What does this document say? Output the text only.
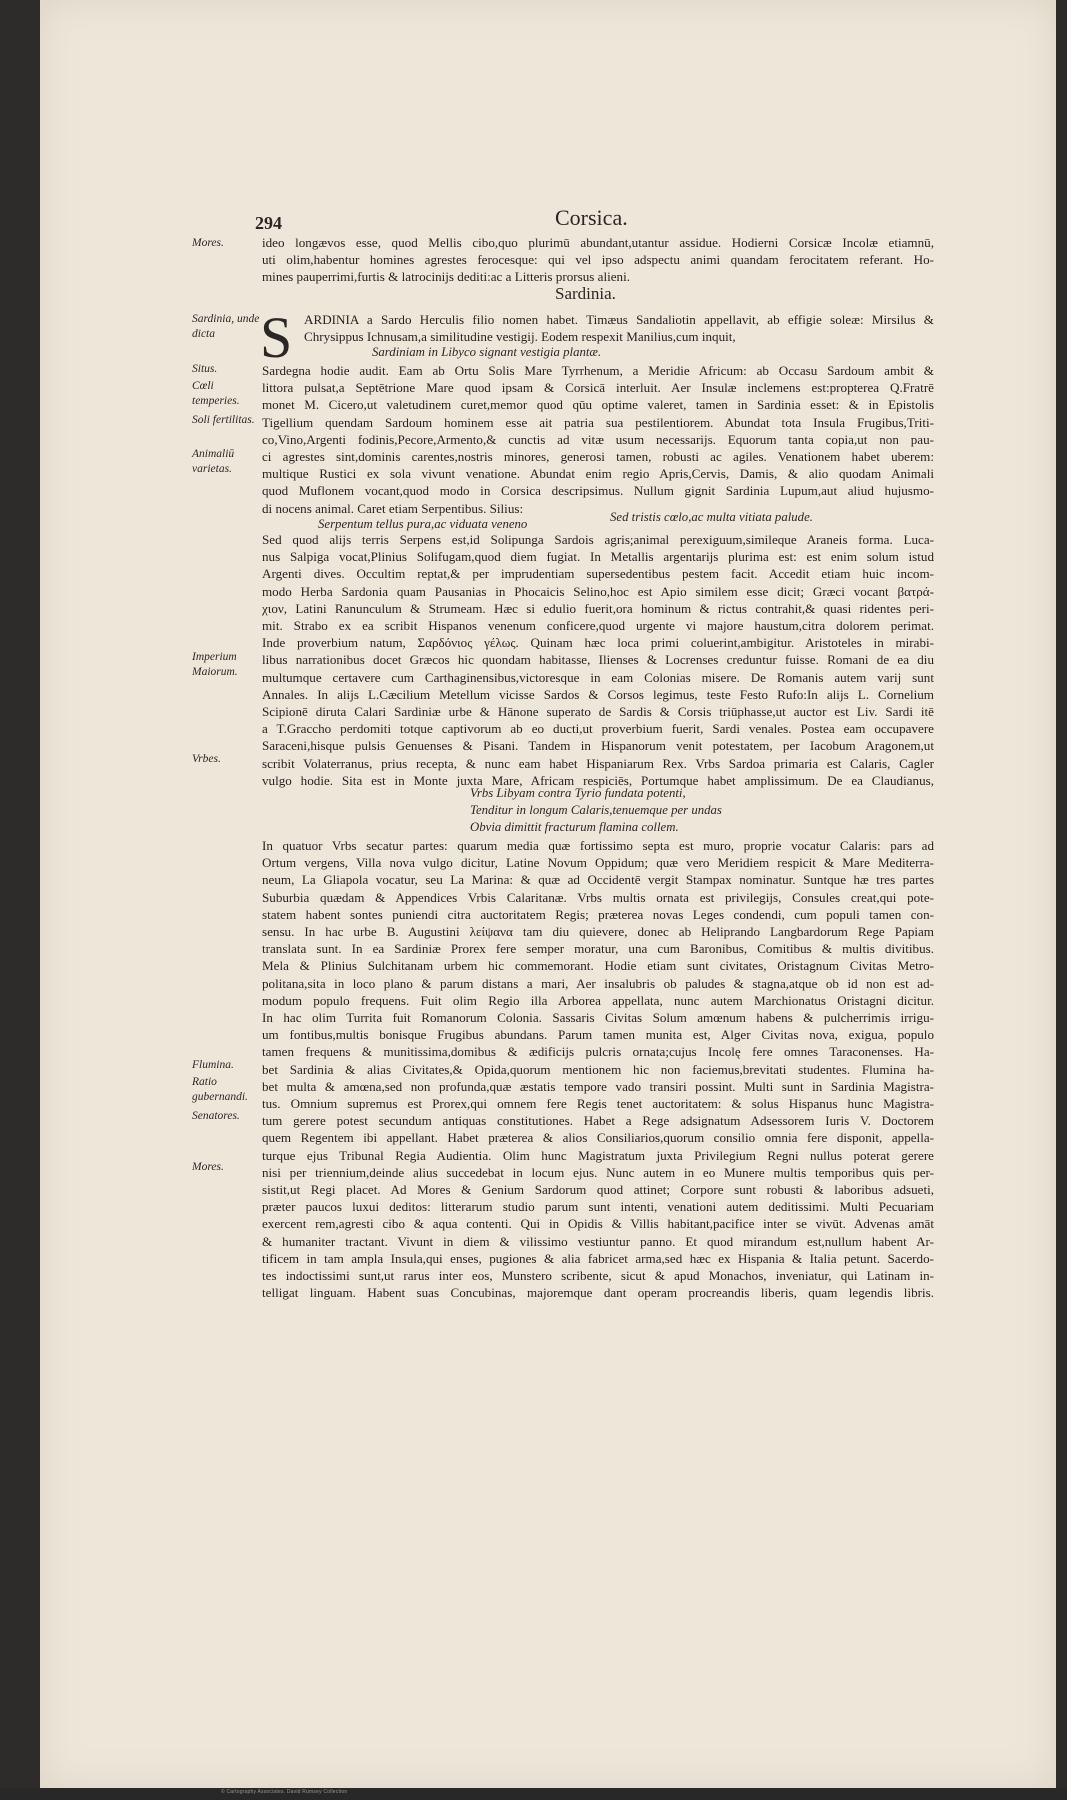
294	Corsica.
Mores.	ideo longævos esse, quod Mellis cibo,quo plurimū abundant,utantur assidue. Hodierni Corsicæ Incolæ etiamnū,
uti olim,habentur homines agrestes ferocesque: qui vel ipso adspectu animi quandam ferocitatem referant. Ho-
mines pauperrimi,furtis & latrocinijs dediti:ac a Litteris prorsus alieni.
Sardinia.
Sardinia, unde dicta
Situs.
Cœli temperies.
Soli fertilitas.
Animaliū varietas.
S ARDINIA a Sardo Herculis filio nomen habet. Timæus Sandaliotin appellavit, ab effigie soleæ: Mirsilus &
Chrysippus Ichnusam,a similitudine vestigij. Eodem respexit Manilius,cum inquit,
Sardiniam in Libyco signant vestigia plantæ.
Sardegna hodie audit. Eam ab Ortu Solis Mare Tyrrhenum, a Meridie Africum: ab Occasu Sardoum ambit &
littora pulsat,a Septētrione Mare quod ipsam & Corsicā interluit. Aer Insulæ inclemens est:propterea Q.Fratrē
monet M. Cicero,ut valetudinem curet,memor quod qūu optime valeret, tamen in Sardinia esset: & in Epistolis
Tigellium quendam Sardoum hominem esse ait patria sua pestilentiorem. Abundat tota Insula Frugibus,Triti-
co,Vino,Argenti fodinis,Pecore,Armento,& cunctis ad vitæ usum necessarijs. Equorum tanta copia,ut non pau-
ci agrestes sint,dominis carentes,nostris minores, generosi tamen, robusti ac agiles. Venationem habet uberem:
multique Rustici ex sola vivunt venatione. Abundat enim regio Apris,Cervis, Damis, & alio quodam Animali
quod Muflonem vocant,quod modo in Corsica descripsimus. Nullum gignit Sardinia Lupum,aut aliud hujusmo-
di nocens animal. Caret etiam Serpentibus. Silius:
Serpentum tellus pura,ac viduata veneno	Sed tristis cœlo,ac multa vitiata palude.
Sed quod alijs terris Serpens est,id Solipunga Sardois agris;animal perexiguum,simileque Araneis forma. Luca-
nus Salpiga vocat,Plinius Solifugam,quod diem fugiat. In Metallis argentarijs plurima est: est enim solum istud
Argenti dives. Occultim reptat,& per imprudentiam supersedentibus pestem facit. Accedit etiam huic incom-
modo Herba Sardonia quam Pausanias in Phocaicis Selino,hoc est Apio similem esse dicit; Græci vocant βατρά-
χιον, Latini Ranunculum & Strumeam. Hæc si edulio fuerit,ora hominum & rictus contrahit,& quasi ridentes peri-
mit. Strabo ex ea scribit Hispanos venenum conficere,quod urgente vi majore haustum,citra dolorem perimat.
Inde proverbium natum, Σαρδόνιος γέλως. Quinam hæc loca primi coluerint,ambigitur. Aristoteles in mirabi-
libus narrationibus docet Græcos hic quondam habitasse, Ilienses & Locrenses creduntur fuisse. Romani de ea diu
multumque certavere cum Carthaginensibus,victoresque in eam Colonias misere. De Romanis autem varij sunt
Annales. In alijs L.Cæcilium Metellum vicisse Sardos & Corsos legimus, teste Festo Rufo:In alijs L. Cornelium
Scipionē diruta Calari Sardiniæ urbe & Hānone superato de Sardis & Corsis triūphasse,ut auctor est Liv. Sardi itē
a T.Graccho perdomiti totque captivorum ab eo ducti,ut proverbium fuerit, Sardi venales. Postea eam occupavere
Saraceni,hisque pulsis Genuenses & Pisani. Tandem in Hispanorum venit potestatem, per Iacobum Aragonem,ut
scribit Volaterranus, prius recepta, & nunc eam habet Hispaniarum Rex. Vrbs Sardoa primaria est Calaris, Cagler
vulgo hodie. Sita est in Monte juxta Mare, Africam respiciēs, Portumque habet amplissimum. De ea Claudianus,
Imperium Maiorum.
Vrbes.
Vrbs Libyam contra Tyrio fundata potenti,
Tenditur in longum Calaris,tenuemque per undas
Obvia dimittit fracturum flamina collem.
In quatuor Vrbs secatur partes: quarum media quæ fortissimo septa est muro, proprie vocatur Calaris: pars ad
Ortum vergens, Villa nova vulgo dicitur, Latine Novum Oppidum; quæ vero Meridiem respicit & Mare Mediterra-
neum, La Gliapola vocatur, seu La Marina: & quæ ad Occidentē vergit Stampax nominatur. Suntque hæ tres partes
Suburbia quædam & Appendices Vrbis Calaritanæ. Vrbs multis ornata est privilegijs, Consules creat,qui pote-
statem habent sontes puniendi citra auctoritatem Regis; præterea novas Leges condendi, cum populi tamen con-
sensu. In hac urbe B. Augustini λείψανα tam diu quievere, donec ab Heliprando Langbardorum Rege Papiam
translata sunt. In ea Sardiniæ Prorex fere semper moratur, una cum Baronibus, Comitibus & multis divitibus.
Mela & Plinius Sulchitanam urbem hic commemorant. Hodie etiam sunt civitates, Oristagnum Civitas Metro-
politana,sita in loco plano & parum distans a mari, Aer insalubris ob paludes & stagna,atque ob id non est ad-
modum populo frequens. Fuit olim Regio illa Arborea appellata, nunc autem Marchionatus Oristagni dicitur.
In hac olim Turrita fuit Romanorum Colonia. Sassaris Civitas Solum amœnum habens & pulcherrimis irrigu-
um fontibus,multis bonisque Frugibus abundans. Parum tamen munita est, Alger Civitas nova, exigua, populo
tamen frequens & munitissima,domibus & ædificijs pulcris ornata;cujus Incolę fere omnes Taraconenses. Ha-
bet Sardinia & alias Civitates,& Opida,quorum mentionem hic non faciemus,brevitati studentes. Flumina ha-
bet multa & amœna,sed non profunda,quæ æstatis tempore vado transiri possint. Multi sunt in Sardinia Magistra-
tus. Omnium supremus est Prorex,qui omnem fere Regis tenet auctoritatem: & solus Hispanus hunc Magistra-
tum gerere potest secundum antiquas constitutiones. Habet a Rege adsignatum Adsessorem Iuris V. Doctorem
quem Regentem ibi appellant. Habet præterea & alios Consiliarios,quorum consilio omnia fere disponit, appella-
turque ejus Tribunal Regia Audientia. Olim hunc Magistratum juxta Privilegium Regni nullus poterat gerere
nisi per triennium,deinde alius succedebat in locum ejus. Nunc autem in eo Munere multis temporibus quis per-
sistit,ut Regi placet. Ad Mores & Genium Sardorum quod attinet; Corpore sunt robusti & laboribus adsueti,
præter paucos luxui deditos: litterarum studio parum sunt intenti, venationi autem deditissimi. Multi Pecuariam
exercent rem,agresti cibo & aqua contenti. Qui in Opidis & Villis habitant,pacifice inter se vivūt. Advenas amāt
& humaniter tractant. Vivunt in diem & vilissimo vestiuntur panno. Et quod mirandum est,nullum habent Ar-
tificem in tam ampla Insula,qui enses, pugiones & alia fabricet arma,sed hæc ex Hispania & Italia petunt. Sacerdo-
tes indoctissimi sunt,ut rarus inter eos, Munstero scribente, sicut & apud Monachos, inveniatur, qui Latinam in-
telligat linguam. Habent suas Concubinas, majoremque dant operam procreandis liberis, quam legendis libris.
Flumina.
Ratio gubernandi.
Senatores.
Mores.
© Cartography Associates. David Rumsey Collection
